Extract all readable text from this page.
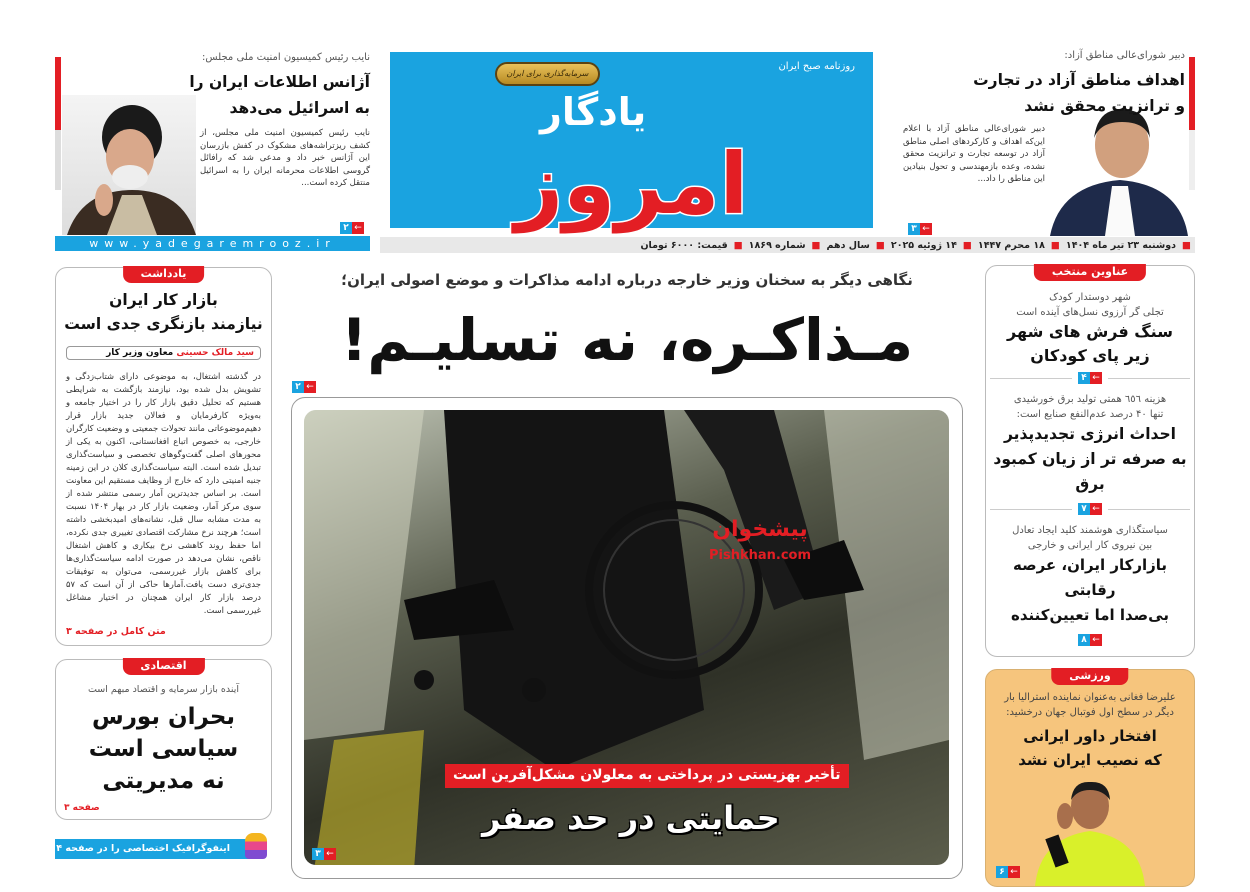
نایب رئیس کمیسیون امنیت ملی مجلس:
آژانس اطلاعات ایران را
به اسرائیل می‌دهد
نایب رئیس کمیسیون امنیت ملی مجلس، از کشف ریزتراشه‌های مشکوک در کفش بازرسان این آژانس خبر داد و مدعی شد که رافائل گروسی اطلاعات محرمانه ایران را به اسرائیل منتقل کرده است...
۲ ←
www.yadegaremrooz.ir
روزنامه صبح ایران
سرمایه‌گذاری برای ایران
یادگار
امروز
دبیر شورای‌عالی مناطق آزاد:
اهداف مناطق آزاد در تجارت
و ترانزیت محقق نشد
دبیر شورای‌عالی مناطق آزاد با اعلام این‌که اهداف و کارکردهای اصلی مناطق آزاد در توسعه تجارت و ترانزیت محقق نشده، وعده بازمهندسی و تحول بنیادین این مناطق را داد...
۳ ←
■
دوشنبه ۲۳ تیر ماه ۱۴۰۴
■
۱۸ محرم ۱۴۴۷
■
۱۴ ژوئیه ۲۰۲۵
■
سال دهم
■
شماره ۱۸۶۹
■
قیمت: ۶۰۰۰ تومان
یادداشت
بازار کار ایران
نیازمند بازنگری جدی است
سید مالک حسینی معاون وزیر کار
در گذشته اشتغال، به موضوعی دارای شتاب‌زدگی و تشویش بدل شده بود، نیازمند بازگشت به شرایطی هستیم که تحلیل دقیق بازار کار را در اختیار جامعه و به‌ویژه کارفرمایان و فعالان جدید بازار قرار دهیم‌موضوعاتی مانند تحولات جمعیتی و وضعیت کارگران خارجی، به خصوص اتباع افغانستانی، اکنون به یکی از محورهای اصلی گفت‌وگوهای تخصصی و سیاست‌گذاری تبدیل شده است. البته سیاست‌گذاری کلان در این زمینه جنبه امنیتی دارد که خارج از وظایف مستقیم این معاونت است. بر اساس جدیدترین آمار رسمی منتشر شده از سوی مرکز آمار، وضعیت بازار کار در بهار ۱۴۰۴ نسبت به مدت مشابه سال قبل، نشانه‌های امیدبخشی داشته است؛ هرچند نرخ مشارکت اقتصادی تغییری جدی نکرده، اما حفظ روند کاهشی نرخ بیکاری و کاهش اشتغال ناقص، نشان می‌دهد در صورت ادامه سیاست‌گذاری‌ها برای کاهش بازار غیررسمی، می‌توان به توفیقات جدی‌تری دست یافت.آمارها حاکی از آن است که ۵۷ درصد بازار کار ایران همچنان در اختیار مشاغل غیررسمی است.
متن کامل در صفحه ۳
اقتصادی
آینده بازار سرمایه و اقتصاد مبهم است
بحران بورس
سیاسی است
نه مدیریتی
صفحه ۳
اینفوگرافیک اختصاصی را در صفحه ۴ ببینید
نگاهی دیگر به سخنان وزیر خارجه درباره ادامه مذاکرات و موضع اصولی ایران؛
مـذاکـره، نه تسلیـم!
۲ ←
پیشخوان
Pishkhan.com
تأخیر بهزیستی در پرداختی به معلولان مشکل‌آفرین است
حمایتی در حد صفر
۳ ←
عناوین منتخب
شهر دوستدار کودک
تجلی گر آرزوی نسل‌های آینده است
سنگ فرش های شهر
زیر پای کودکان
۴ ←
هزینه ٦٥٦ همتی تولید برق خورشیدی
تنها ۴۰ درصد عدم‌النفع صنایع است:
احداث انرژی تجدیدپذیر
به صرفه تر از زیان کمبود برق
۷ ←
سیاستگذاری هوشمند کلید ایجاد تعادل
بین نیروی کار ایرانی و خارجی
بازارکار ایران، عرصه رقابتی
بی‌صدا اما تعیین‌کننده
۸ ←
ورزشی
علیرضا فغانی به‌عنوان نماینده استرالیا بار دیگر در سطح اول فوتبال جهان درخشید:
افتخار داور ایرانی
که نصیب ایران نشد
۶ ←
